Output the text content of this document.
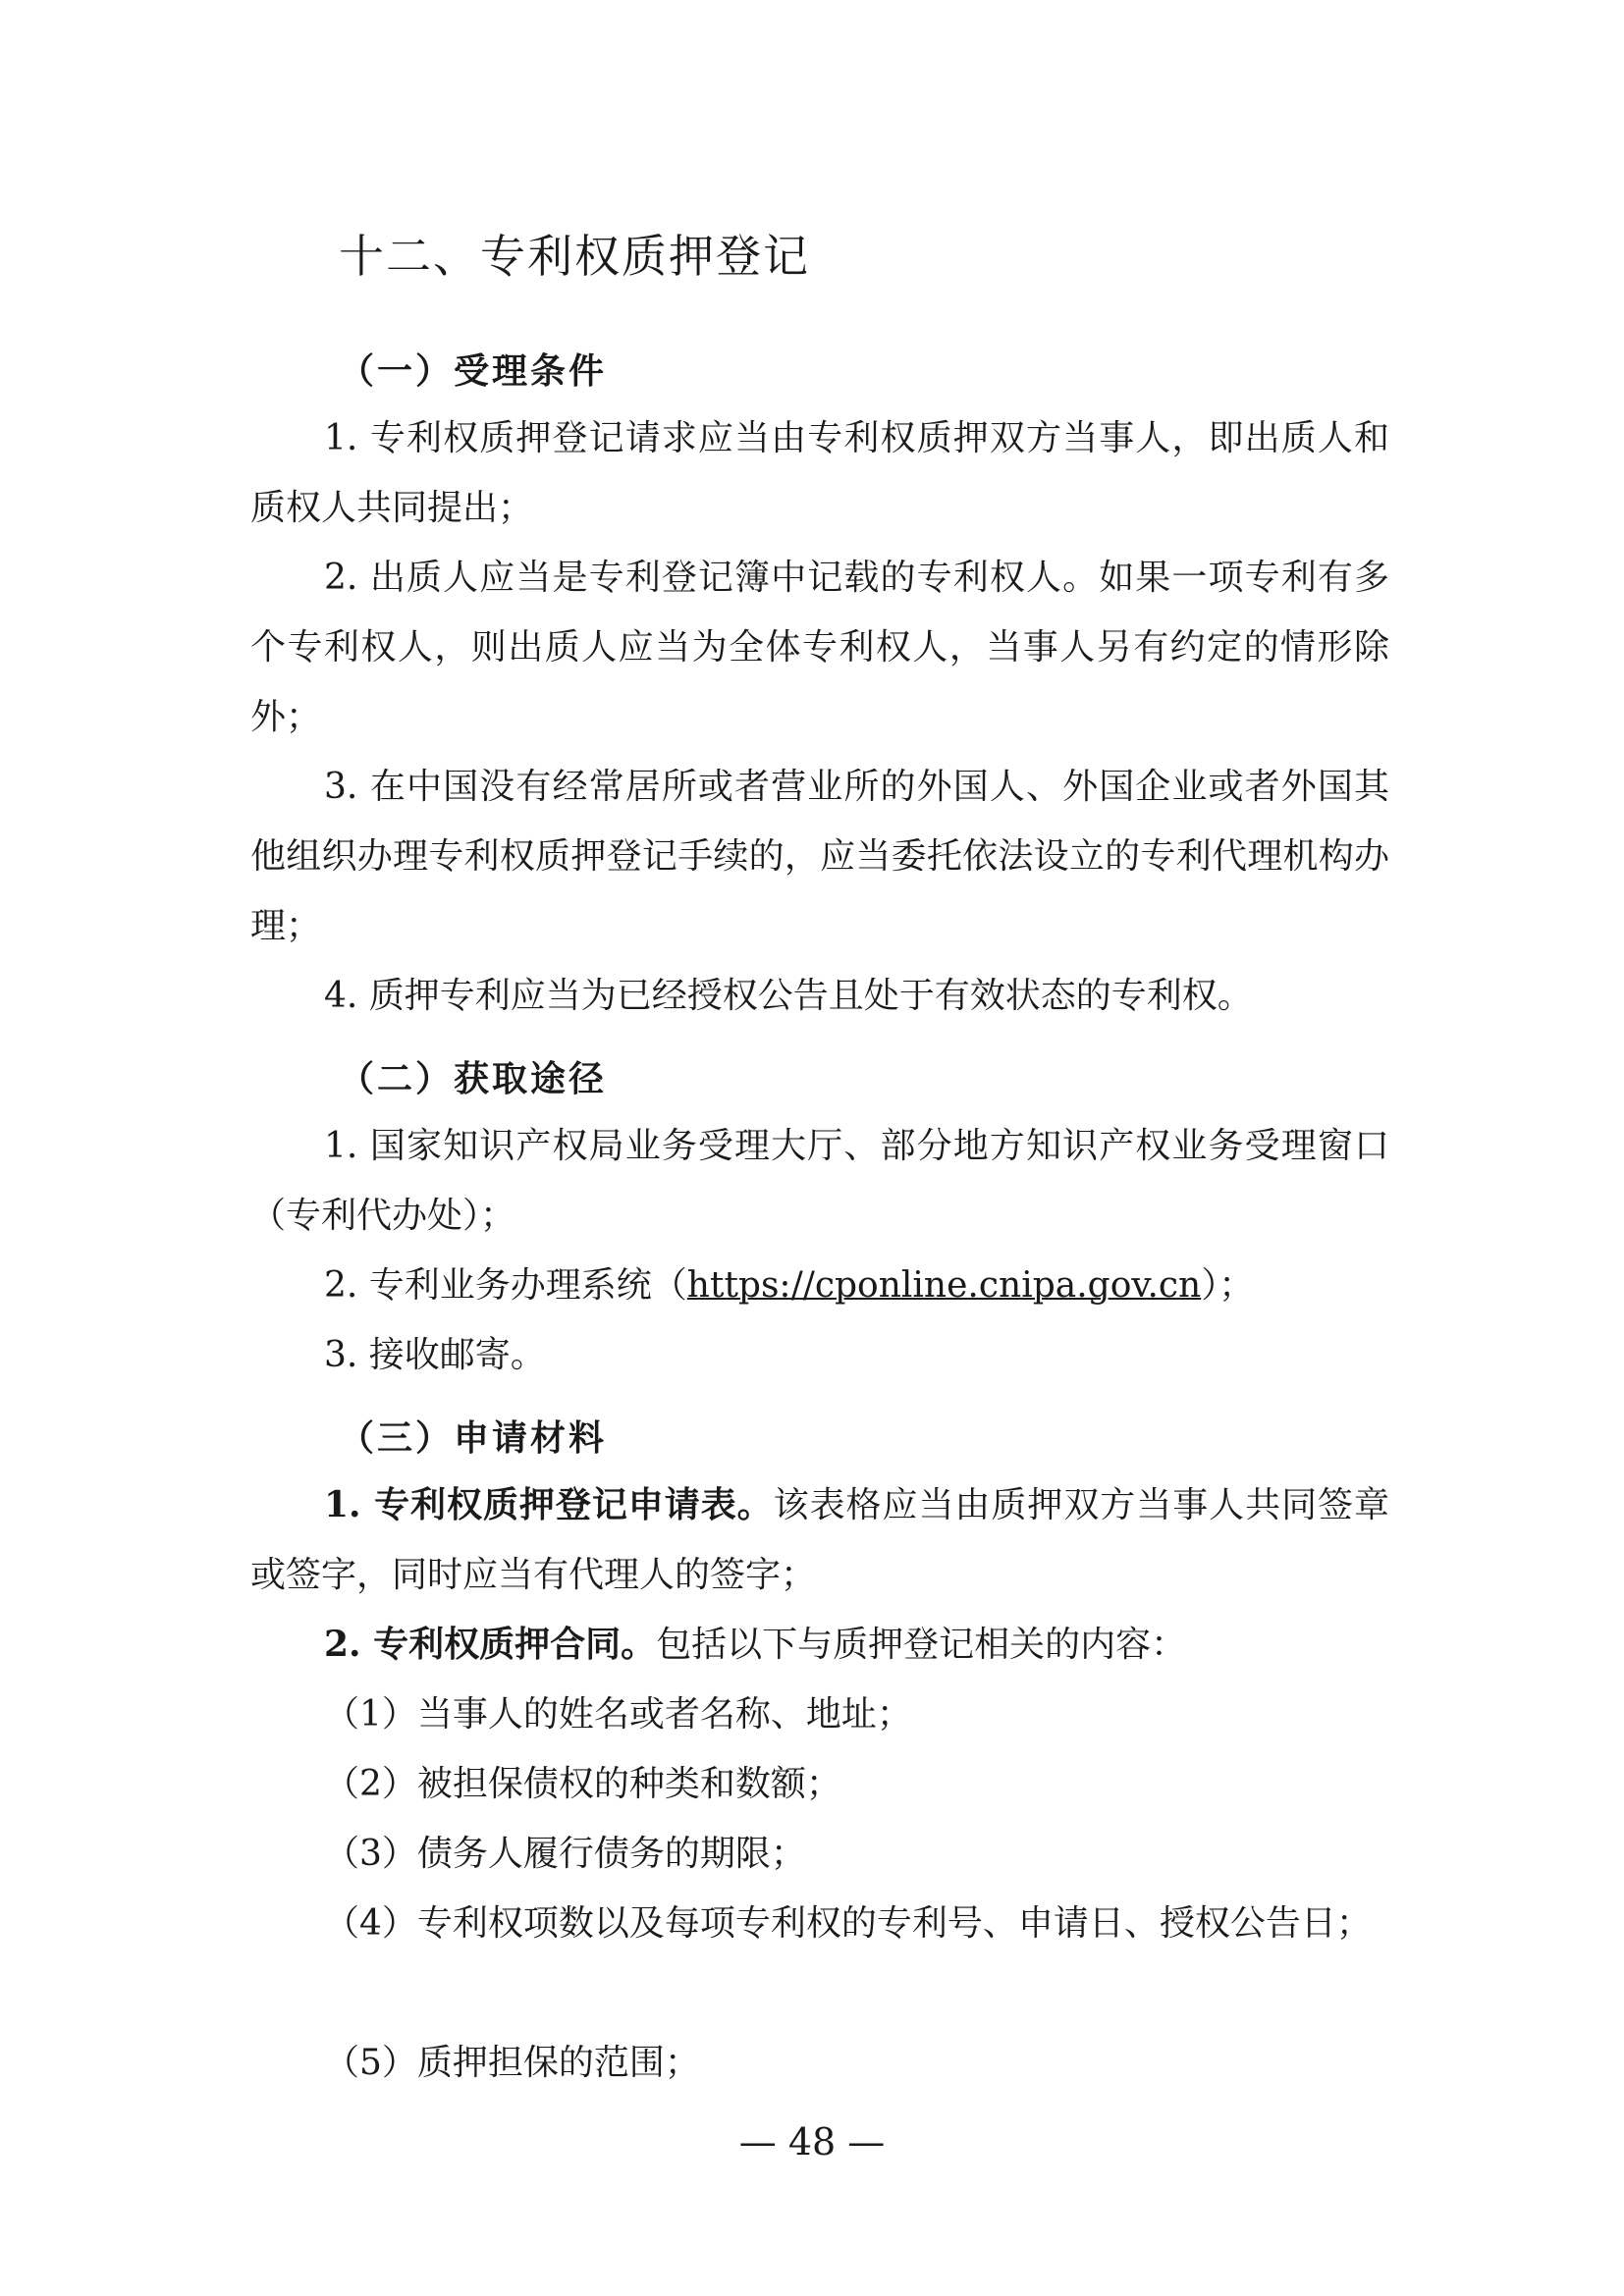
十二、专利权质押登记
（一）受理条件

1. 专利权质押登记请求应当由专利权质押双方当事人，即出质人和质权人共同提出；

2. 出质人应当是专利登记簿中记载的专利权人。如果一项专利有多个专利权人，则出质人应当为全体专利权人，当事人另有约定的情形除外；

3. 在中国没有经常居所或者营业所的外国人、外国企业或者外国其他组织办理专利权质押登记手续的，应当委托依法设立的专利代理机构办理；

4. 质押专利应当为已经授权公告且处于有效状态的专利权。

（二）获取途径

1. 国家知识产权局业务受理大厅、部分地方知识产权业务受理窗口（专利代办处）；

2. 专利业务办理系统（https://cponline.cnipa.gov.cn）；

3. 接收邮寄。

（三）申请材料

1. 专利权质押登记申请表。该表格应当由质押双方当事人共同签章或签字，同时应当有代理人的签字；

2. 专利权质押合同。包括以下与质押登记相关的内容：

（1）当事人的姓名或者名称、地址；

（2）被担保债权的种类和数额；

（3）债务人履行债务的期限；

（4）专利权项数以及每项专利权的专利号、申请日、授权公告日；

（5）质押担保的范围；

— 48 —
